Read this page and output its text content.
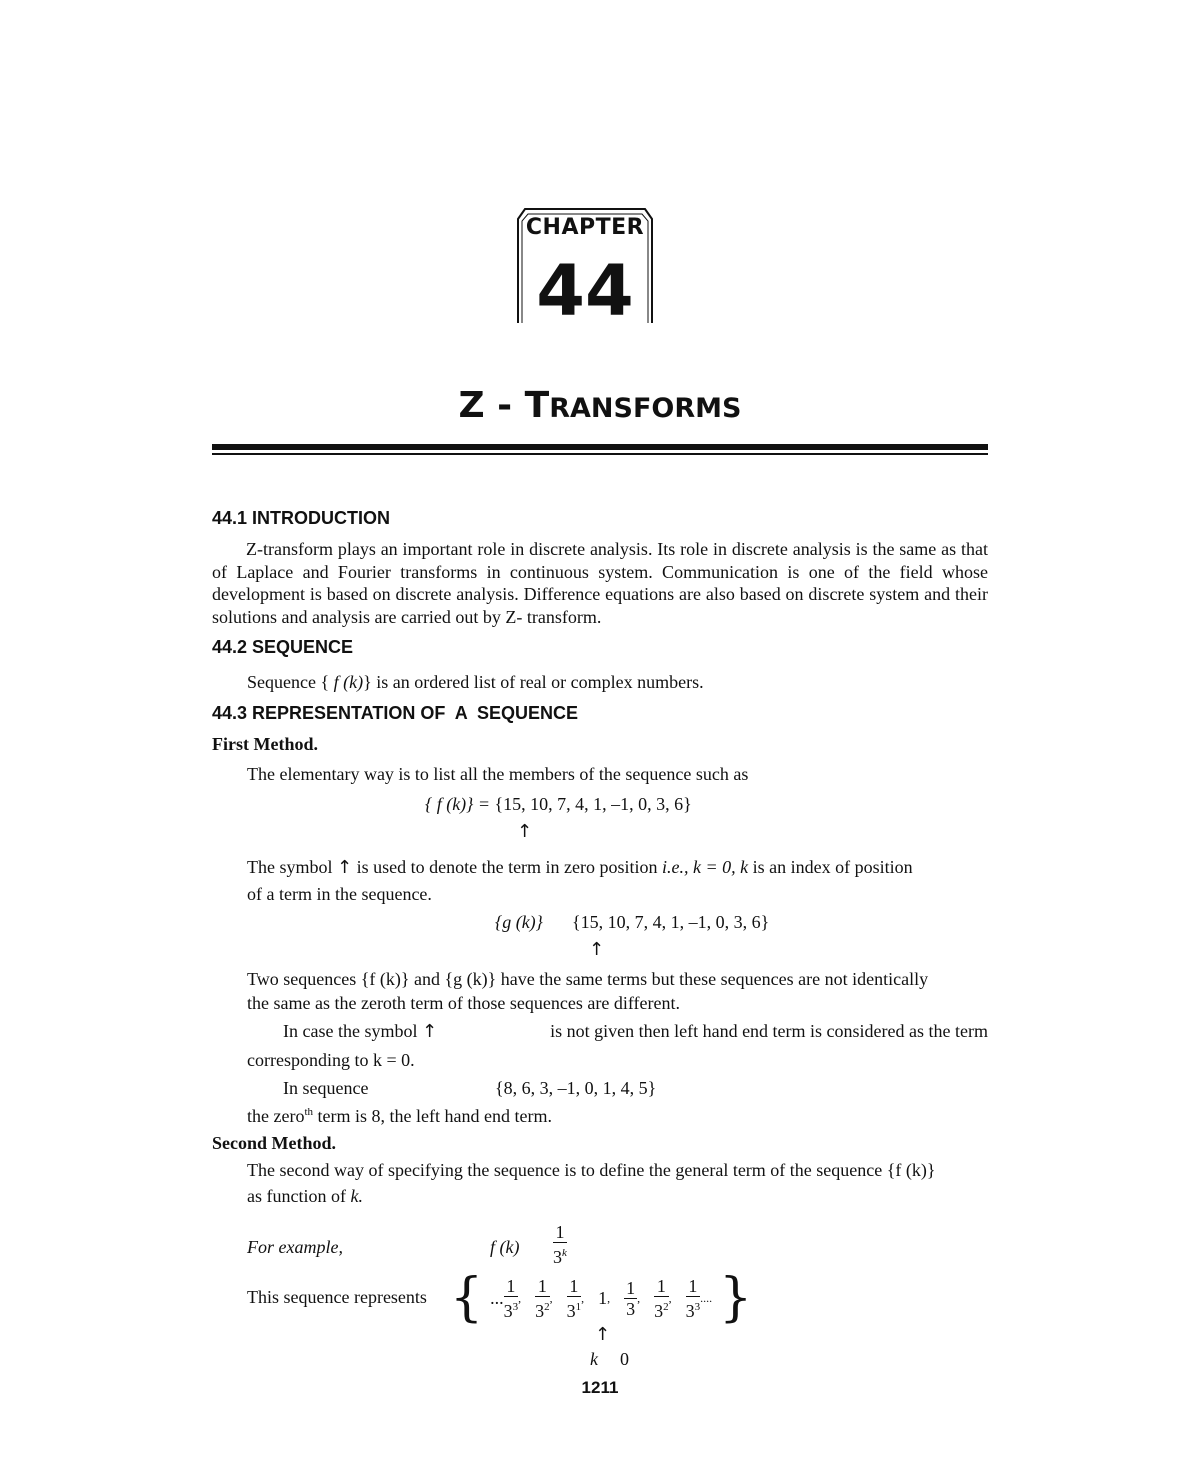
CHAPTER
44
Z - TRANSFORMS
44.1 INTRODUCTION
Z-transform plays an important role in discrete analysis. Its role in discrete analysis is the same as that of Laplace and Fourier transforms in continuous system. Communication is one of the field whose development is based on discrete analysis. Difference equations are also based on discrete system and their solutions and analysis are carried out by Z- transform.
44.2 SEQUENCE
Sequence { f (k)} is an ordered list of real or complex numbers.
44.3 REPRESENTATION OF  A  SEQUENCE
First Method.
The elementary way is to list all the members of the sequence such as
{ f (k)} = {15, 10, 7, 4, 1, –1, 0, 3, 6}
↑
The symbol ↑ is used to denote the term in zero position i.e., k = 0, k is an index of position
of a term in the sequence.
{g (k)} {15, 10, 7, 4, 1, –1, 0, 3, 6}
↑
Two sequences {f (k)} and {g (k)} have the same terms but these sequences are not identically
the same as the zeroth term of those sequences are different.
In case the symbol ↑	is not given then left hand end term is considered as the term
corresponding to k = 0.
In sequence	{8, 6, 3, –1, 0, 1, 4, 5}
the zero$^{th}$ term is 8, the left hand end term.
Second Method.
The second way of specifying the sequence is to define the general term of the sequence {f (k)}
as function of k.
For example,	f $(k) \frac{1}{3^k}$
This sequence represents { ... $\frac{1}{3^3}$ , $\frac{1}{3^2}$ , $\frac{1}{3^1}$ , 1 , $\frac{1}{3}$ , $\frac{1}{3^2}$ , $\frac{1}{3^3}$ .... }
↑
k 0
1211
